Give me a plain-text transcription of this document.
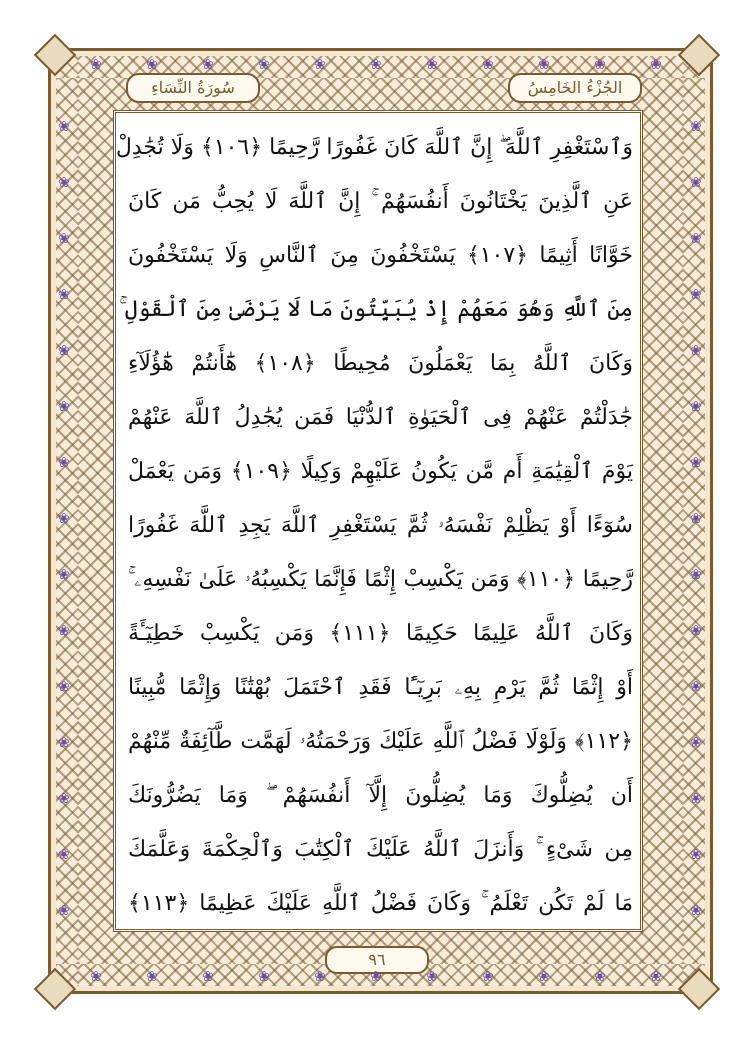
سُورَةُ النِّسَاءِ	الجُزْءُ الخَامِسُ
وَٱسْتَغْفِرِ ٱللَّهَ ۖ إِنَّ ٱللَّهَ كَانَ غَفُورًا رَّحِيمًا ﴿١٠٦﴾ وَلَا تُجَٰدِلْ
عَنِ ٱلَّذِينَ يَخْتَانُونَ أَنفُسَهُمْ ۚ إِنَّ ٱللَّهَ لَا يُحِبُّ مَن كَانَ
خَوَّانًا أَثِيمًا ﴿١٠٧﴾ يَسْتَخْفُونَ مِنَ ٱلنَّاسِ وَلَا يَسْتَخْفُونَ
مِنَ ٱللَّهِ وَهُوَ مَعَهُمْ إِذْ يُبَيِّتُونَ مَا لَا يَرْضَىٰ مِنَ ٱلْقَوْلِ ۚ
وَكَانَ ٱللَّهُ بِمَا يَعْمَلُونَ مُحِيطًا ﴿١٠٨﴾ هَٰٓأَنتُمْ هَٰٓؤُلَآءِ
جَٰدَلْتُمْ عَنْهُمْ فِى ٱلْحَيَوٰةِ ٱلدُّنْيَا فَمَن يُجَٰدِلُ ٱللَّهَ عَنْهُمْ
يَوْمَ ٱلْقِيَٰمَةِ أَم مَّن يَكُونُ عَلَيْهِمْ وَكِيلًا ﴿١٠٩﴾ وَمَن يَعْمَلْ
سُوٓءًا أَوْ يَظْلِمْ نَفْسَهُۥ ثُمَّ يَسْتَغْفِرِ ٱللَّهَ يَجِدِ ٱللَّهَ غَفُورًا
رَّحِيمًا ﴿١١٠﴾ وَمَن يَكْسِبْ إِثْمًا فَإِنَّمَا يَكْسِبُهُۥ عَلَىٰ نَفْسِهِۦ ۚ
وَكَانَ ٱللَّهُ عَلِيمًا حَكِيمًا ﴿١١١﴾ وَمَن يَكْسِبْ خَطِيٓـَٔةً
أَوْ إِثْمًا ثُمَّ يَرْمِ بِهِۦ بَرِيٓـًٔا فَقَدِ ٱحْتَمَلَ بُهْتَٰنًا وَإِثْمًا مُّبِينًا
﴿١١٢﴾ وَلَوْلَا فَضْلُ ٱللَّهِ عَلَيْكَ وَرَحْمَتُهُۥ لَهَمَّت طَّآئِفَةٌ مِّنْهُمْ
أَن يُضِلُّوكَ وَمَا يُضِلُّونَ إِلَّآ أَنفُسَهُمْ ۖ وَمَا يَضُرُّونَكَ
مِن شَىْءٍ ۚ وَأَنزَلَ ٱللَّهُ عَلَيْكَ ٱلْكِتَٰبَ وَٱلْحِكْمَةَ وَعَلَّمَكَ
مَا لَمْ تَكُن تَعْلَمُ ۚ وَكَانَ فَضْلُ ٱللَّهِ عَلَيْكَ عَظِيمًا ﴿١١٣﴾
٩٦
❀
❀
❀
❀
❀
❀
❀
❀
❀
❀
❀
❀
❀
❀
❀
❀
❀
❀
❀
❀
❀
❀
❀	❀
❀	❀
❀	❀
❀	❀
❀	❀
❀	❀
❀	❀
❀	❀
❀	❀
❀	❀
❀	❀
❀	❀
❀	❀
❀	❀
❀	❀
